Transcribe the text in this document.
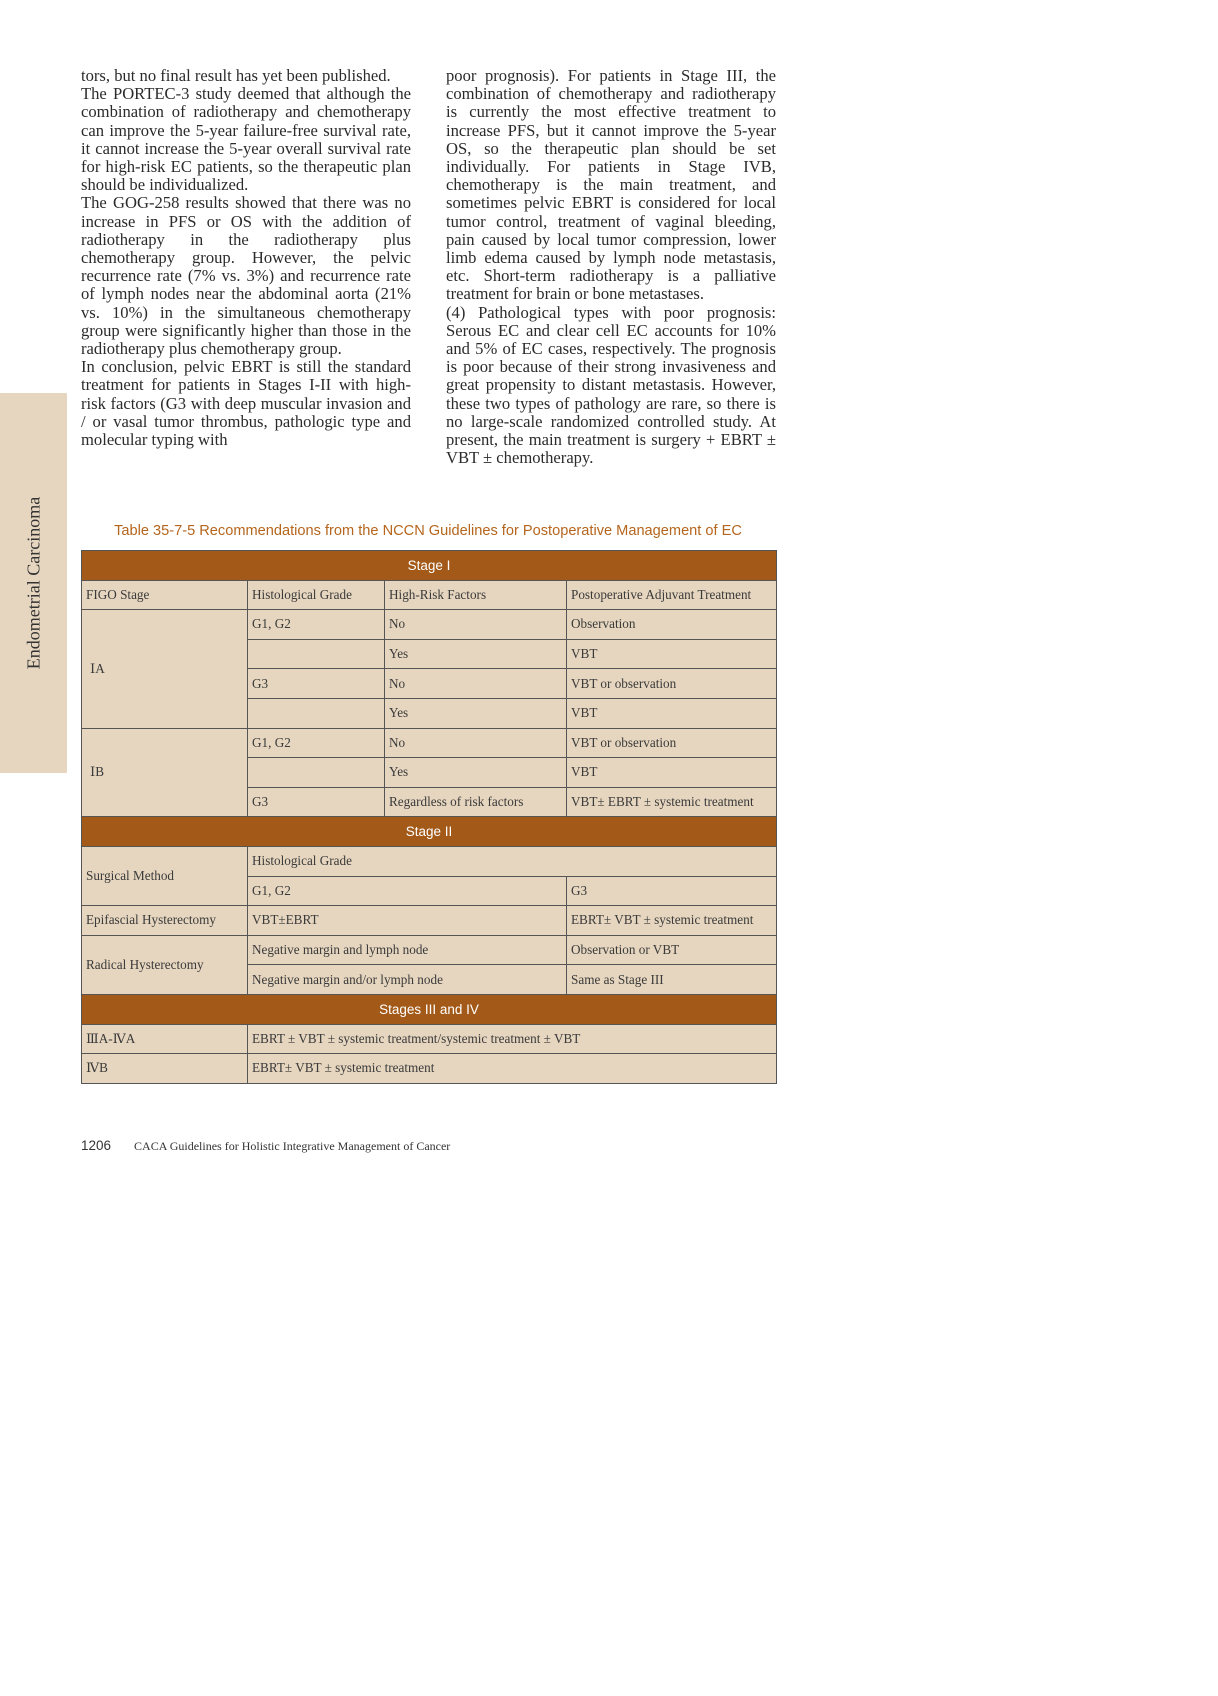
Endometrial Carcinoma

tors, but no final result has yet been published.

The PORTEC-3 study deemed that although the combination of radiotherapy and chemotherapy can improve the 5-year failure-free survival rate, it cannot increase the 5-year overall survival rate for high-risk EC patients, so the therapeutic plan should be individualized.

The GOG-258 results showed that there was no increase in PFS or OS with the addition of radiotherapy in the radiotherapy plus chemotherapy group. However, the pelvic recurrence rate (7% vs. 3%) and recurrence rate of lymph nodes near the abdominal aorta (21% vs. 10%) in the simultaneous chemotherapy group were significantly higher than those in the radiotherapy plus chemotherapy group.

In conclusion, pelvic EBRT is still the standard treatment for patients in Stages I-II with high-risk factors (G3 with deep muscular invasion and / or vasal tumor thrombus, pathologic type and molecular typing with

poor prognosis). For patients in Stage III, the combination of chemotherapy and radiotherapy is currently the most effective treatment to increase PFS, but it cannot improve the 5-year OS, so the therapeutic plan should be set individually. For patients in Stage IVB, chemotherapy is the main treatment, and sometimes pelvic EBRT is considered for local tumor control, treatment of vaginal bleeding, pain caused by local tumor compression, lower limb edema caused by lymph node metastasis, etc. Short-term radiotherapy is a palliative treatment for brain or bone metastases.

(4) Pathological types with poor prognosis: Serous EC and clear cell EC accounts for 10% and 5% of EC cases, respectively. The prognosis is poor because of their strong invasiveness and great propensity to distant metastasis. However, these two types of pathology are rare, so there is no large-scale randomized controlled study. At present, the main treatment is surgery + EBRT ± VBT ± chemotherapy.

Table 35-7-5 Recommendations from the NCCN Guidelines for Postoperative Management of EC
Stage I			
FIGO Stage	Histological Grade	High-Risk Factors	Postoperative Adjuvant Treatment
ⅠA	G1, G2	No	Observation
		Yes	VBT
	G3	No	VBT or observation
		Yes	VBT
ⅠB	G1, G2	No	VBT or observation
		Yes	VBT
	G3	Regardless of risk factors	VBT± EBRT ± systemic treatment
Stage II			
Surgical Method	Histological Grade		
	G1, G2		G3
Epifascial Hysterectomy	VBT±EBRT		EBRT± VBT ± systemic treatment
Radical Hysterectomy	Negative margin and lymph node		Observation or VBT
	Negative margin and/or lymph node		Same as Stage III
Stages III and IV			
ⅢA-ⅣA	EBRT ± VBT ± systemic treatment/systemic treatment ± VBT		
ⅣB	EBRT± VBT ± systemic treatment		
1206 CACA Guidelines for Holistic Integrative Management of Cancer
